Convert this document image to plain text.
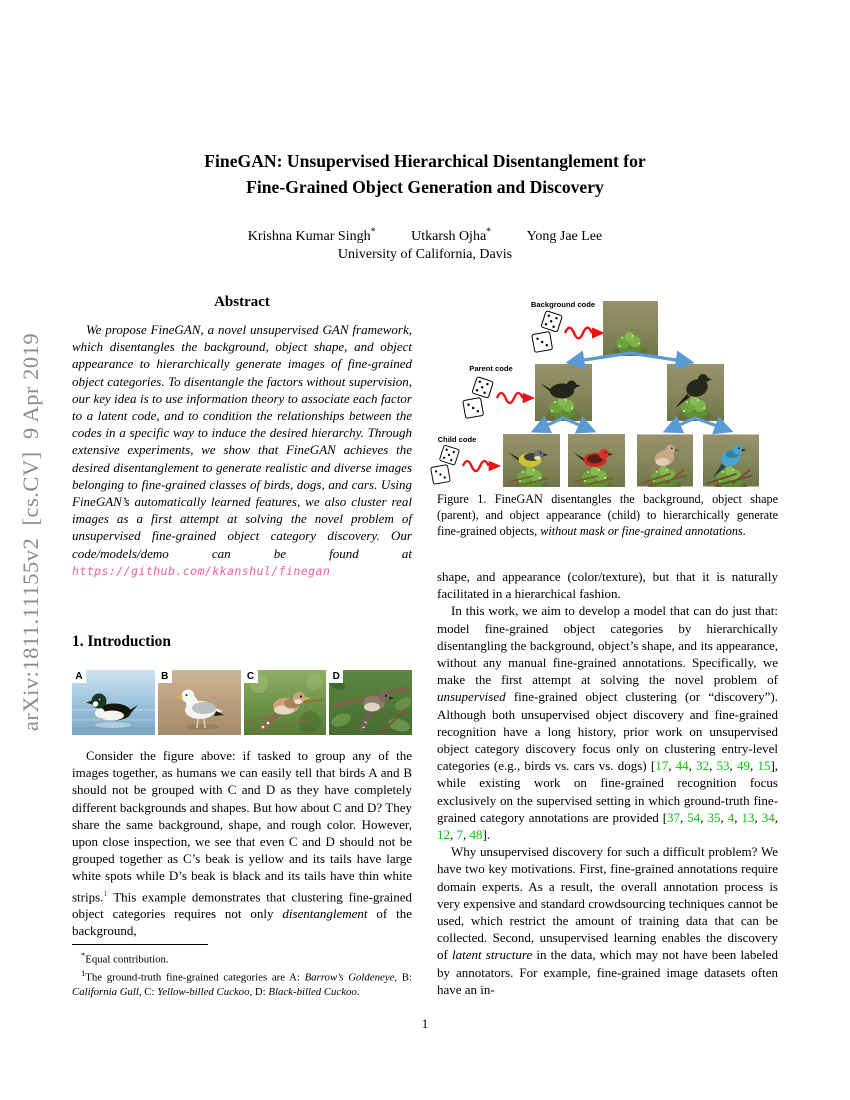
arXiv:1811.11155v2  [cs.CV]  9 Apr 2019
FineGAN: Unsupervised Hierarchical Disentanglement for
Fine-Grained Object Generation and Discovery
Krishna Kumar Singh*	Utkarsh Ojha*	Yong Jae Lee
University of California, Davis
Abstract
We propose FineGAN, a novel unsupervised GAN framework, which disentangles the background, object shape, and object appearance to hierarchically generate images of fine-grained object categories. To disentangle the factors without supervision, our key idea is to use information theory to associate each factor to a latent code, and to condition the relationships between the codes in a specific way to induce the desired hierarchy. Through extensive experiments, we show that FineGAN achieves the desired disentanglement to generate realistic and diverse images belonging to fine-grained classes of birds, dogs, and cars. Using FineGAN’s automatically learned features, we also cluster real images as a first attempt at solving the novel problem of unsupervised fine-grained object category discovery. Our code/models/demo can be found at https://github.com/kkanshul/finegan
1. Introduction
A	B	C	D
Consider the figure above: if tasked to group any of the images together, as humans we can easily tell that birds A and B should not be grouped with C and D as they have completely different backgrounds and shapes. But how about C and D? They share the same background, shape, and rough color. However, upon close inspection, we see that even C and D should not be grouped together as C’s beak is yellow and its tails have large white spots while D’s beak is black and its tails have thin white strips.$^1$ This example demonstrates that clustering fine-grained object categories requires not only disentanglement of the background,
*Equal contribution.
$^1$The ground-truth fine-grained categories are A: Barrow’s Goldeneye, B: California Gull, C: Yellow-billed Cuckoo, D: Black-billed Cuckoo.
Background code
Parent code
Child code
Figure 1. FineGAN disentangles the background, object shape (parent), and object appearance (child) to hierarchically generate fine-grained objects, without mask or fine-grained annotations.

shape, and appearance (color/texture), but that it is naturally facilitated in a hierarchical fashion.

In this work, we aim to develop a model that can do just that: model fine-grained object categories by hierarchically disentangling the background, object’s shape, and its appearance, without any manual fine-grained annotations. Specifically, we make the first attempt at solving the novel problem of unsupervised fine-grained object clustering (or “discovery”). Although both unsupervised object discovery and fine-grained recognition have a long history, prior work on unsupervised object category discovery focus only on clustering entry-level categories (e.g., birds vs. cars vs. dogs) [17, 44, 32, 53, 49, 15], while existing work on fine-grained recognition focus exclusively on the supervised setting in which ground-truth fine-grained category annotations are provided [37, 54, 35, 4, 13, 34, 12, 7, 48].

Why unsupervised discovery for such a difficult problem? We have two key motivations. First, fine-grained annotations require domain experts. As a result, the overall annotation process is very expensive and standard crowdsourcing techniques cannot be used, which restrict the amount of training data that can be collected. Second, unsupervised learning enables the discovery of latent structure in the data, which may not have been labeled by annotators. For example, fine-grained image datasets often have an in-

1
